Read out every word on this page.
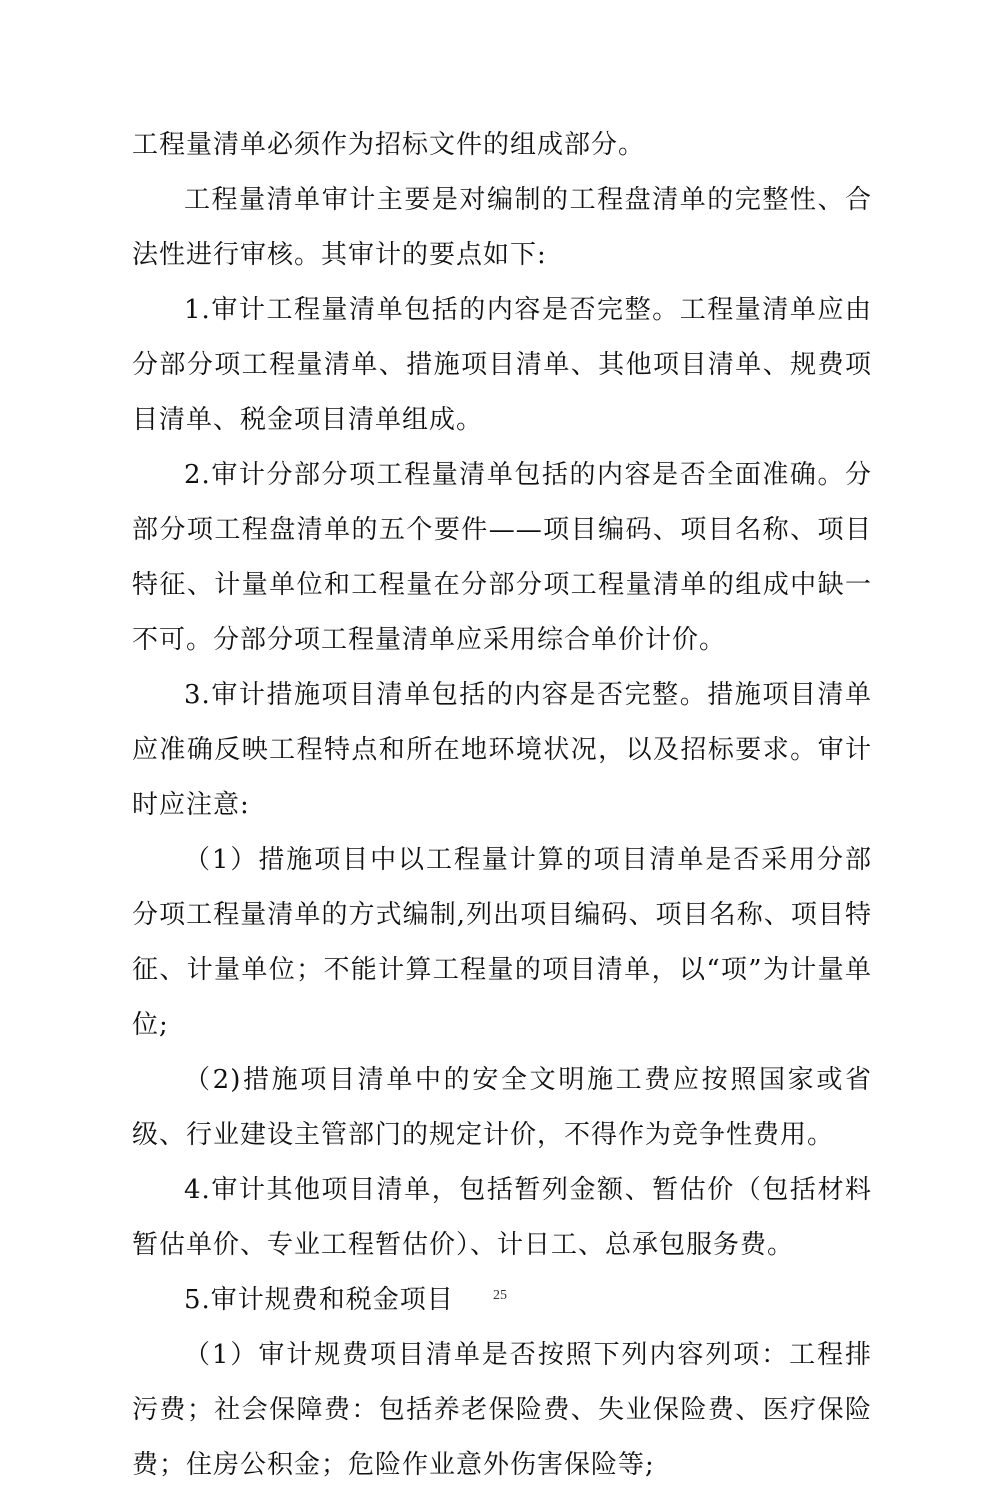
工程量清单必须作为招标文件的组成部分。

工程量清单审计主要是对编制的工程盘清单的完整性、合法性进行审核。其审计的要点如下:

1.审计工程量清单包括的内容是否完整。工程量清单应由分部分项工程量清单、措施项目清单、其他项目清单、规费项目清单、税金项目清单组成。

2.审计分部分项工程量清单包括的内容是否全面准确。分部分项工程盘清单的五个要件——项目编码、项目名称、项目特征、计量单位和工程量在分部分项工程量清单的组成中缺一不可。分部分项工程量清单应采用综合单价计价。

3.审计措施项目清单包括的内容是否完整。措施项目清单应准确反映工程特点和所在地环境状况，以及招标要求。审计时应注意:

（1）措施项目中以工程量计算的项目清单是否采用分部分项工程量清单的方式编制,列出项目编码、项目名称、项目特征、计量单位；不能计算工程量的项目清单，以“项”为计量单位;

（2)措施项目清单中的安全文明施工费应按照国家或省级、行业建设主管部门的规定计价，不得作为竞争性费用。

4.审计其他项目清单，包括暂列金额、暂估价（包括材料暂估单价、专业工程暂估价）、计日工、总承包服务费。

5.审计规费和税金项目

（1）审计规费项目清单是否按照下列内容列项：工程排污费；社会保障费：包括养老保险费、失业保险费、医疗保险费；住房公积金；危险作业意外伤害保险等;

25
